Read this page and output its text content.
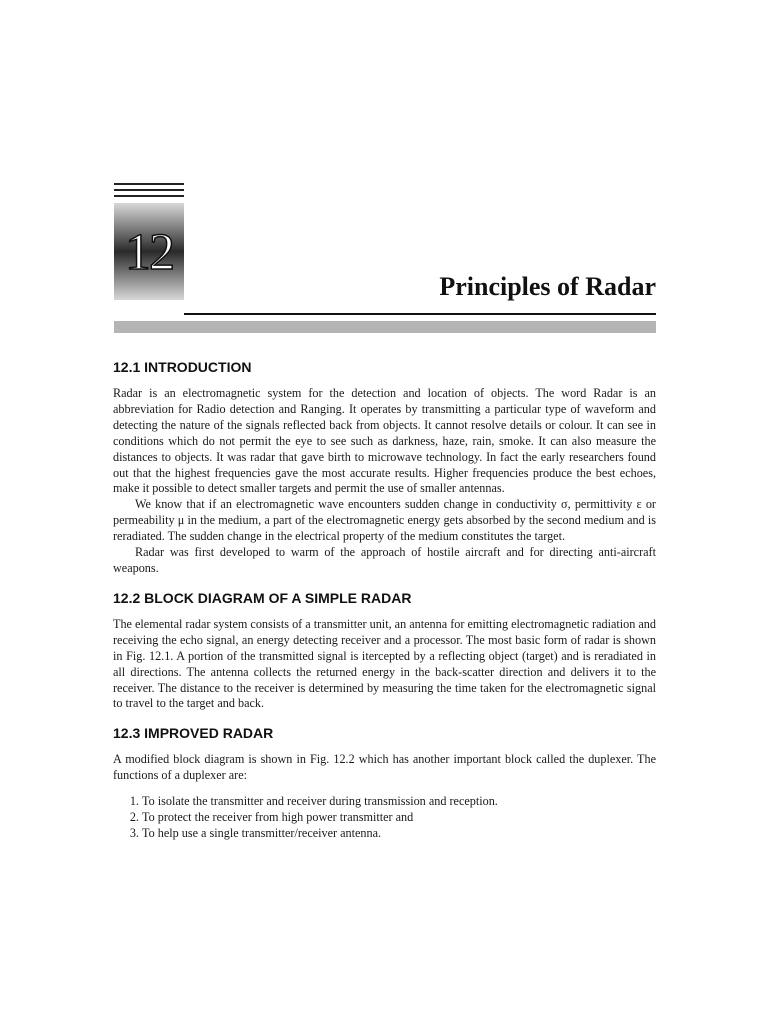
12
Principles of Radar
12.1 INTRODUCTION

Radar is an electromagnetic system for the detection and location of objects. The word Radar is an abbreviation for Radio detection and Ranging. It operates by transmitting a particular type of waveform and detecting the nature of the signals reflected back from objects. It cannot resolve details or colour. It can see in conditions which do not permit the eye to see such as darkness, haze, rain, smoke. It can also measure the distances to objects. It was radar that gave birth to microwave technology. In fact the early researchers found out that the highest frequencies gave the most accurate results. Higher frequencies produce the best echoes, make it possible to detect smaller targets and permit the use of smaller antennas.

We know that if an electromagnetic wave encounters sudden change in conductivity σ, permittivity ε or permeability μ in the medium, a part of the electromagnetic energy gets absorbed by the second medium and is reradiated. The sudden change in the electrical property of the medium constitutes the target.

Radar was first developed to warm of the approach of hostile aircraft and for directing anti-aircraft weapons.

12.2 BLOCK DIAGRAM OF A SIMPLE RADAR

The elemental radar system consists of a transmitter unit, an antenna for emitting electromagnetic radiation and receiving the echo signal, an energy detecting receiver and a processor. The most basic form of radar is shown in Fig. 12.1. A portion of the transmitted signal is itercepted by a reflecting object (target) and is reradiated in all directions. The antenna collects the returned energy in the back-scatter direction and delivers it to the receiver. The distance to the receiver is determined by measuring the time taken for the electromagnetic signal to travel to the target and back.

12.3 IMPROVED RADAR

A modified block diagram is shown in Fig. 12.2 which has another important block called the duplexer. The functions of a duplexer are:

1. To isolate the transmitter and receiver during transmission and reception.
2. To protect the receiver from high power transmitter and
3. To help use a single transmitter/receiver antenna.
